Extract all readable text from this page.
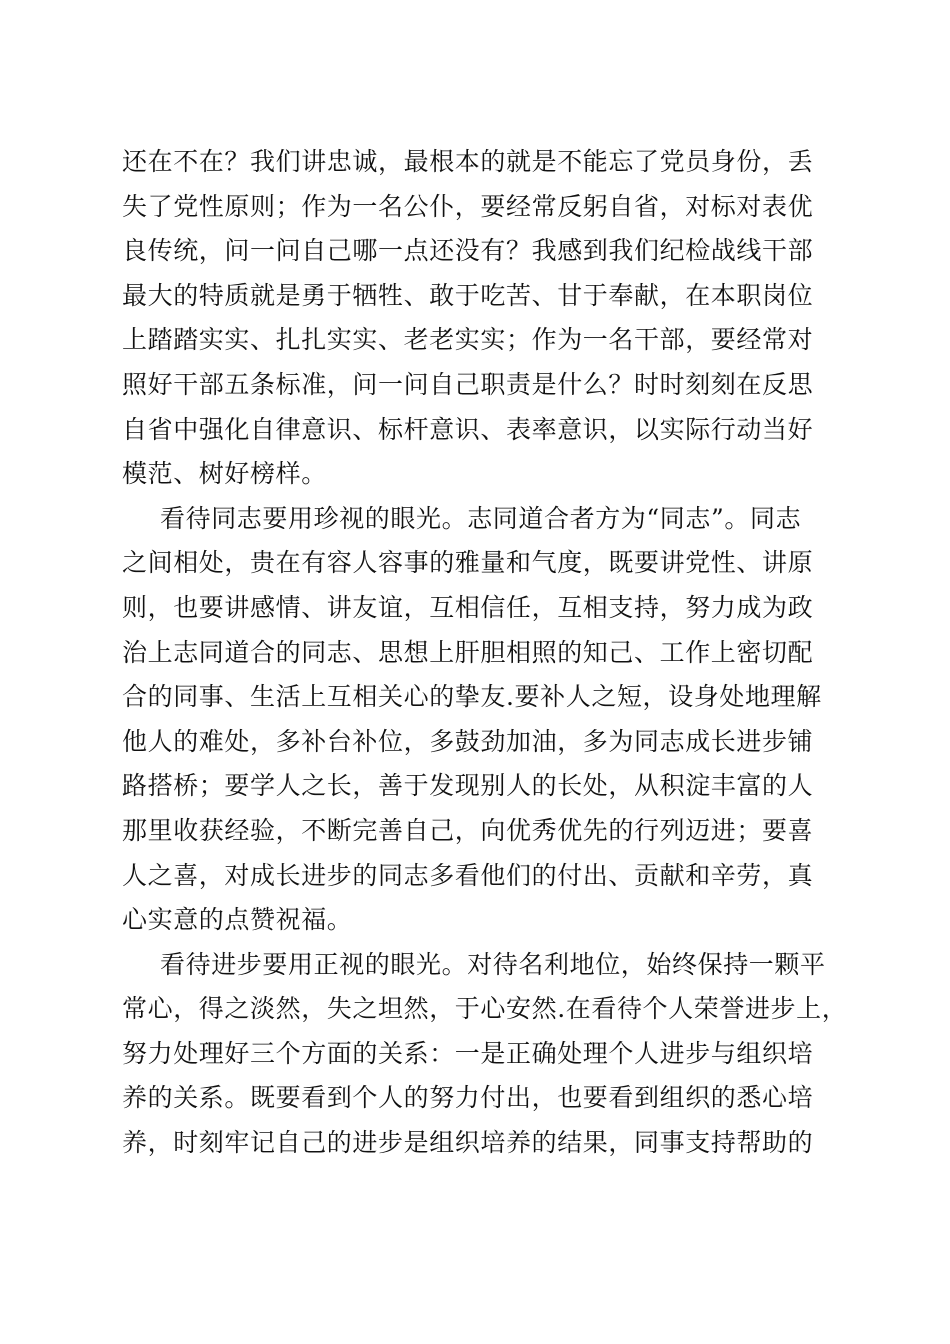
还在不在？我们讲忠诚，最根本的就是不能忘了党员身份，丢
失了党性原则；作为一名公仆，要经常反躬自省，对标对表优
良传统，问一问自己哪一点还没有？我感到我们纪检战线干部
最大的特质就是勇于牺牲、敢于吃苦、甘于奉献，在本职岗位
上踏踏实实、扎扎实实、老老实实；作为一名干部，要经常对
照好干部五条标准，问一问自己职责是什么？时时刻刻在反思
自省中强化自律意识、标杆意识、表率意识，以实际行动当好
模范、树好榜样。
看待同志要用珍视的眼光。志同道合者方为“同志”。同志
之间相处，贵在有容人容事的雅量和气度，既要讲党性、讲原
则，也要讲感情、讲友谊，互相信任，互相支持，努力成为政
治上志同道合的同志、思想上肝胆相照的知己、工作上密切配
合的同事、生活上互相关心的挚友.要补人之短，设身处地理解
他人的难处，多补台补位，多鼓劲加油，多为同志成长进步铺
路搭桥；要学人之长，善于发现别人的长处，从积淀丰富的人
那里收获经验，不断完善自己，向优秀优先的行列迈进；要喜
人之喜，对成长进步的同志多看他们的付出、贡献和辛劳，真
心实意的点赞祝福。
看待进步要用正视的眼光。对待名利地位，始终保持一颗平
常心，得之淡然，失之坦然，于心安然.在看待个人荣誉进步上，
努力处理好三个方面的关系：一是正确处理个人进步与组织培
养的关系。既要看到个人的努力付出，也要看到组织的悉心培
养，时刻牢记自己的进步是组织培养的结果，同事支持帮助的
